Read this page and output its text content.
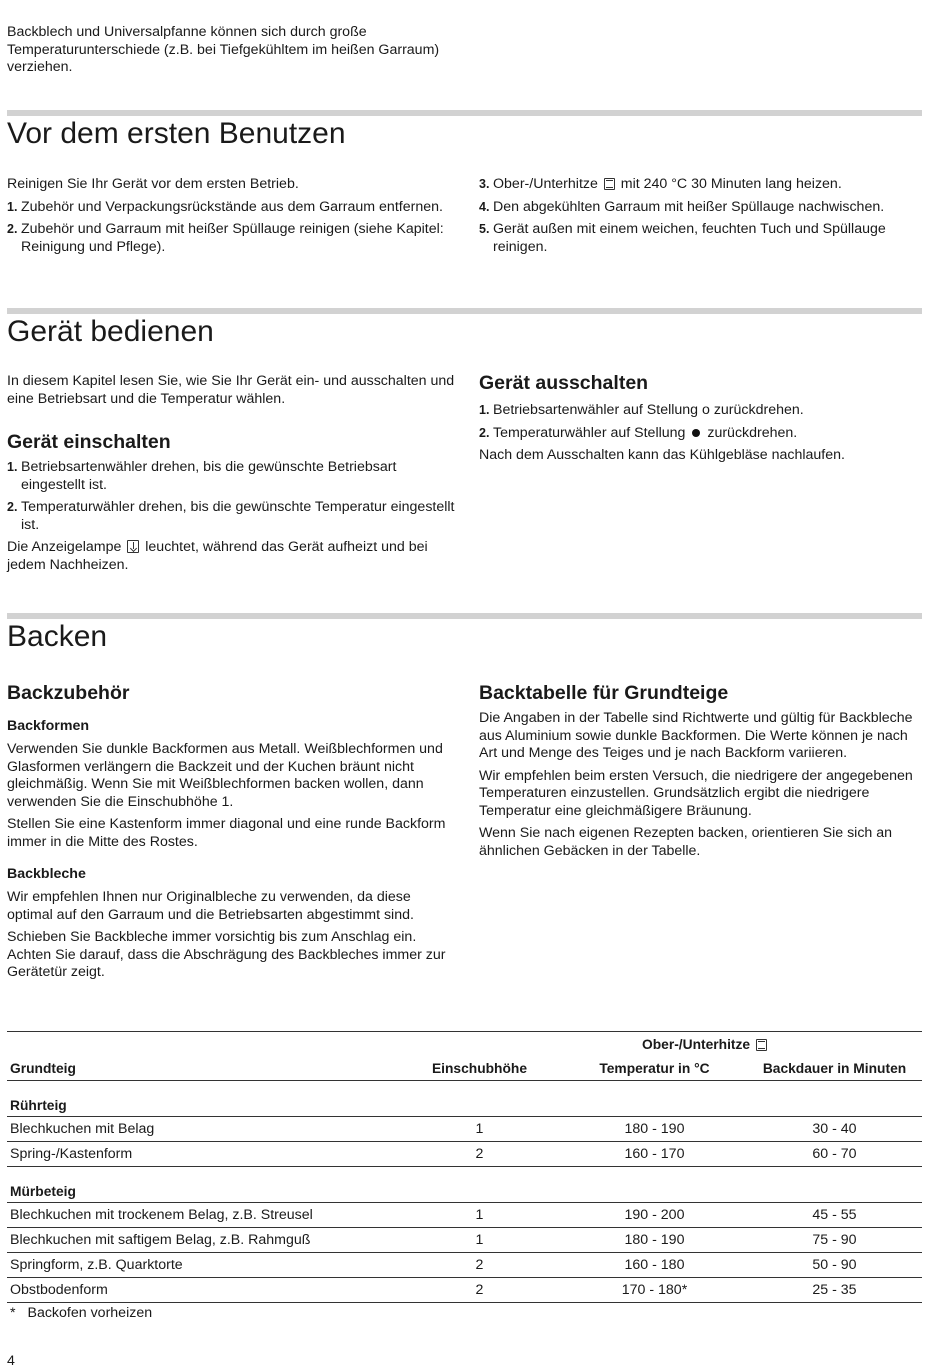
Backblech und Universalpfanne können sich durch große Temperaturunterschiede (z.B. bei Tiefgekühltem im heißen Garraum) verziehen.

Vor dem ersten Benutzen

Reinigen Sie Ihr Gerät vor dem ersten Betrieb.

1. Zubehör und Verpackungsrückstände aus dem Garraum entfernen.
2. Zubehör und Garraum mit heißer Spüllauge reinigen (siehe Kapitel: Reinigung und Pflege).
3. Ober-/Unterhitze mit 240 °C 30 Minuten lang heizen.
4. Den abgekühlten Garraum mit heißer Spüllauge nachwischen.
5. Gerät außen mit einem weichen, feuchten Tuch und Spüllauge reinigen.
Gerät bedienen

In diesem Kapitel lesen Sie, wie Sie Ihr Gerät ein- und ausschalten und eine Betriebsart und die Temperatur wählen.

Gerät einschalten
1. Betriebsartenwähler drehen, bis die gewünschte Betriebsart eingestellt ist.
2. Temperaturwähler drehen, bis die gewünschte Temperatur eingestellt ist.

Die Anzeigelampe leuchtet, während das Gerät aufheizt und bei jedem Nachheizen.

Gerät ausschalten
1. Betriebsartenwähler auf Stellung o zurückdrehen.
2. Temperaturwähler auf Stellung zurückdrehen.

Nach dem Ausschalten kann das Kühlgebläse nachlaufen.

Backen
Backzubehör
Backformen

Verwenden Sie dunkle Backformen aus Metall. Weißblechformen und Glasformen verlängern die Backzeit und der Kuchen bräunt nicht gleichmäßig. Wenn Sie mit Weißblechformen backen wollen, dann verwenden Sie die Einschubhöhe 1.

Stellen Sie eine Kastenform immer diagonal und eine runde Backform immer in die Mitte des Rostes.

Backbleche

Wir empfehlen Ihnen nur Originalbleche zu verwenden, da diese optimal auf den Garraum und die Betriebsarten abgestimmt sind.

Schieben Sie Backbleche immer vorsichtig bis zum Anschlag ein. Achten Sie darauf, dass die Abschrägung des Backbleches immer zur Gerätetür zeigt.

Backtabelle für Grundteige

Die Angaben in der Tabelle sind Richtwerte und gültig für Backbleche aus Aluminium sowie dunkle Backformen. Die Werte können je nach Art und Menge des Teiges und je nach Backform variieren.

Wir empfehlen beim ersten Versuch, die niedrigere der angegebenen Temperaturen einzustellen. Grundsätzlich ergibt die niedrigere Temperatur eine gleichmäßigere Bräunung.

Wenn Sie nach eigenen Rezepten backen, orientieren Sie sich an ähnlichen Gebäcken in der Tabelle.

		Ober-/Unterhitze	
Grundteig	Einschubhöhe	Temperatur in °C	Backdauer in Minuten
Rührteig			
Blechkuchen mit Belag	1	180 - 190	30 - 40
Spring-/Kastenform	2	160 - 170	60 - 70
Mürbeteig			
Blechkuchen mit trockenem Belag, z.B. Streusel	1	190 - 200	45 - 55
Blechkuchen mit saftigem Belag, z.B. Rahmguß	1	180 - 190	75 - 90
Springform, z.B. Quarktorte	2	160 - 180	50 - 90
Obstbodenform	2	170 - 180*	25 - 35
* Backofen vorheizen
4
